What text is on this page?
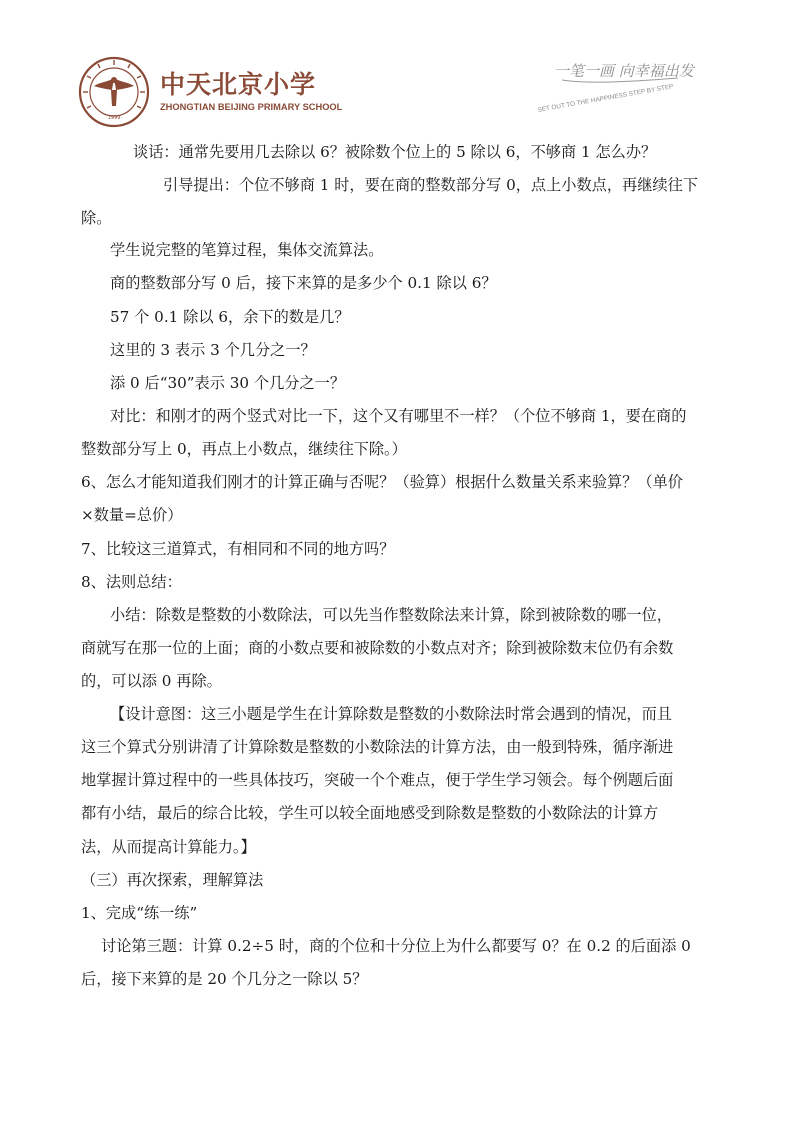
·1999·
中天北京小学
ZHONGTIAN BEIJING PRIMARY SCHOOL
一笔一画 向幸福出发
SET OUT TO THE HAPPINESS STEP BY STEP
谈话：通常先要用几去除以 6？被除数个位上的 5 除以 6，不够商 1 怎么办？
引导提出：个位不够商 1 时，要在商的整数部分写 0，点上小数点，再继续往下
除。
学生说完整的笔算过程，集体交流算法。
商的整数部分写 0 后，接下来算的是多少个 0.1 除以 6？
57 个 0.1 除以 6，余下的数是几？
这里的 3 表示 3 个几分之一？
添 0 后“30”表示 30 个几分之一？
对比：和刚才的两个竖式对比一下，这个又有哪里不一样？（个位不够商 1，要在商的
整数部分写上 0，再点上小数点，继续往下除。）
6、怎么才能知道我们刚才的计算正确与否呢？（验算）根据什么数量关系来验算？（单价
×数量=总价）
7、比较这三道算式，有相同和不同的地方吗？
8、法则总结：
小结：除数是整数的小数除法，可以先当作整数除法来计算，除到被除数的哪一位，
商就写在那一位的上面；商的小数点要和被除数的小数点对齐；除到被除数末位仍有余数
的，可以添 0 再除。
【设计意图：这三小题是学生在计算除数是整数的小数除法时常会遇到的情况，而且
这三个算式分别讲清了计算除数是整数的小数除法的计算方法，由一般到特殊，循序渐进
地掌握计算过程中的一些具体技巧，突破一个个难点，便于学生学习领会。每个例题后面
都有小结，最后的综合比较，学生可以较全面地感受到除数是整数的小数除法的计算方
法，从而提高计算能力。】
（三）再次探索，理解算法
1、完成“练一练”
讨论第三题：计算 0.2÷5 时，商的个位和十分位上为什么都要写 0？在 0.2 的后面添 0
后，接下来算的是 20 个几分之一除以 5？
